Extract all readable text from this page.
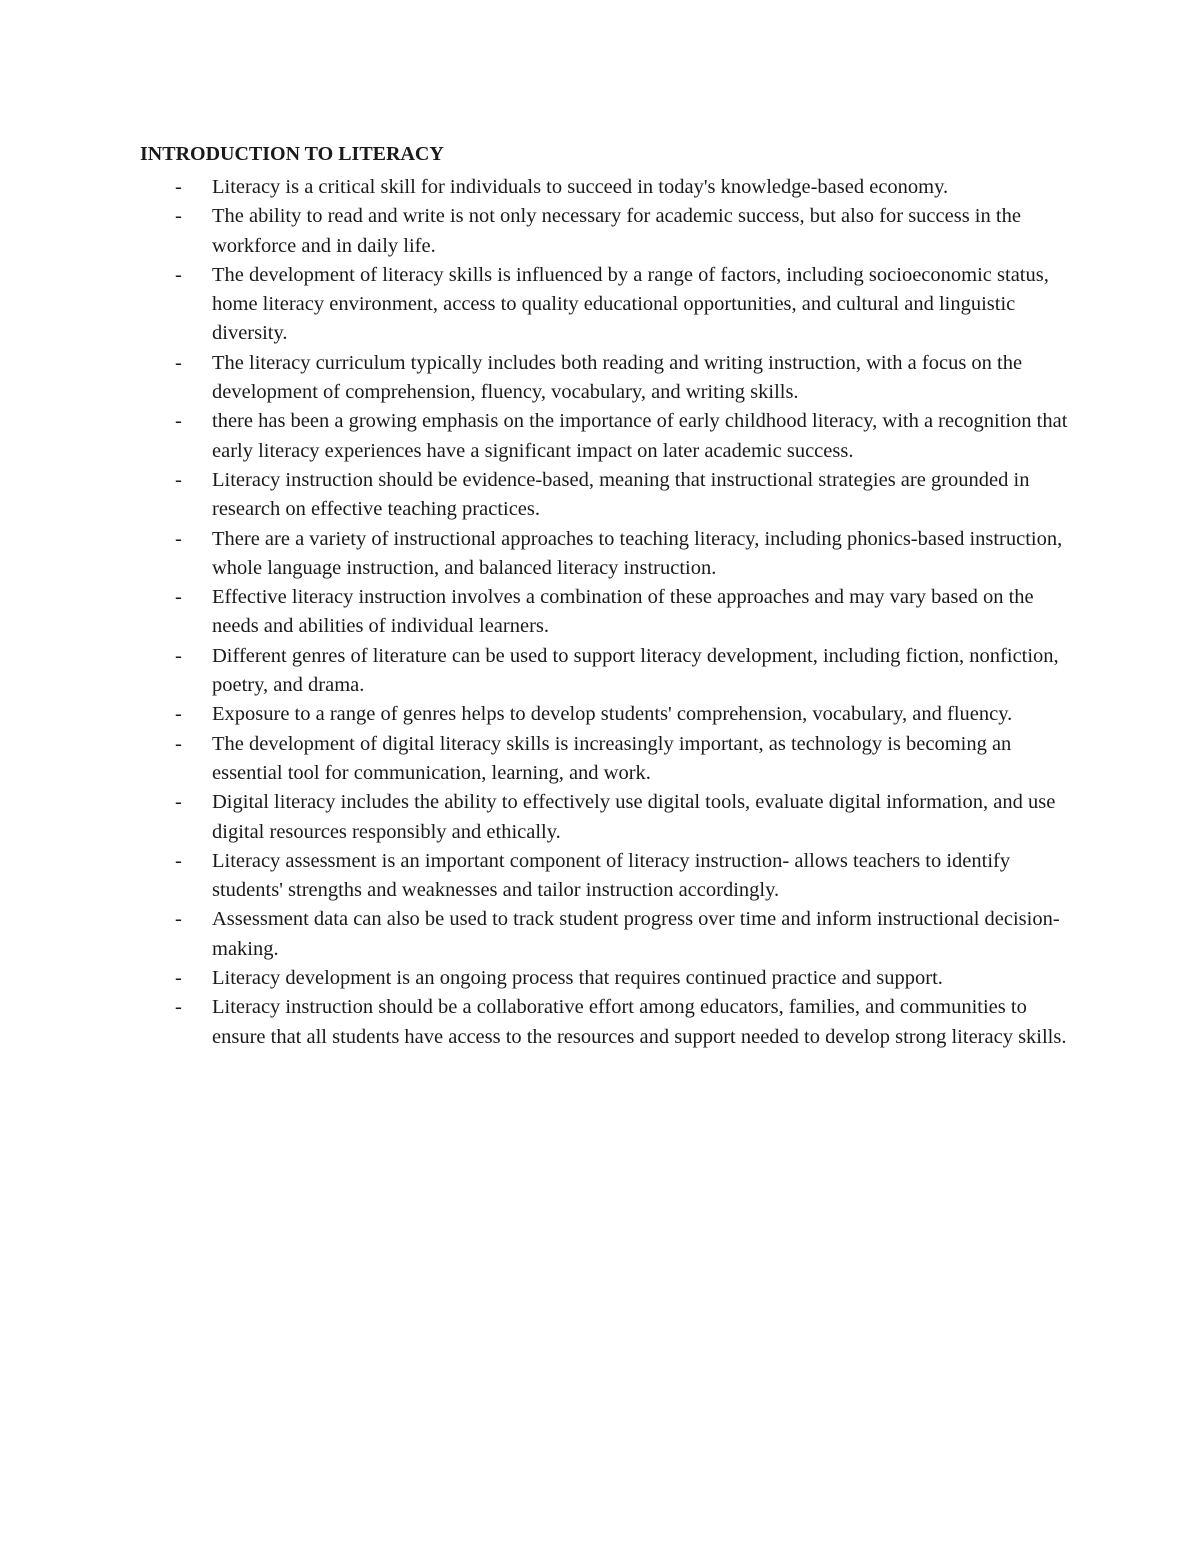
INTRODUCTION TO LITERACY
-	Literacy is a critical skill for individuals to succeed in today's knowledge-based economy.
-	The ability to read and write is not only necessary for academic success, but also for success in the workforce and in daily life.
-	The development of literacy skills is influenced by a range of factors, including socioeconomic status, home literacy environment, access to quality educational opportunities, and cultural and linguistic diversity.
-	The literacy curriculum typically includes both reading and writing instruction, with a focus on the development of comprehension, fluency, vocabulary, and writing skills.
-	there has been a growing emphasis on the importance of early childhood literacy, with a recognition that early literacy experiences have a significant impact on later academic success.
-	Literacy instruction should be evidence-based, meaning that instructional strategies are grounded in research on effective teaching practices.
-	There are a variety of instructional approaches to teaching literacy, including phonics-based instruction, whole language instruction, and balanced literacy instruction.
-	Effective literacy instruction involves a combination of these approaches and may vary based on the needs and abilities of individual learners.
-	Different genres of literature can be used to support literacy development, including fiction, nonfiction, poetry, and drama.
-	Exposure to a range of genres helps to develop students' comprehension, vocabulary, and fluency.
-	The development of digital literacy skills is increasingly important, as technology is becoming an essential tool for communication, learning, and work.
-	Digital literacy includes the ability to effectively use digital tools, evaluate digital information, and use digital resources responsibly and ethically.
-	Literacy assessment is an important component of literacy instruction- allows teachers to identify students' strengths and weaknesses and tailor instruction accordingly.
-	Assessment data can also be used to track student progress over time and inform instructional decision-making.
-	Literacy development is an ongoing process that requires continued practice and support.
-	Literacy instruction should be a collaborative effort among educators, families, and communities to ensure that all students have access to the resources and support needed to develop strong literacy skills.
